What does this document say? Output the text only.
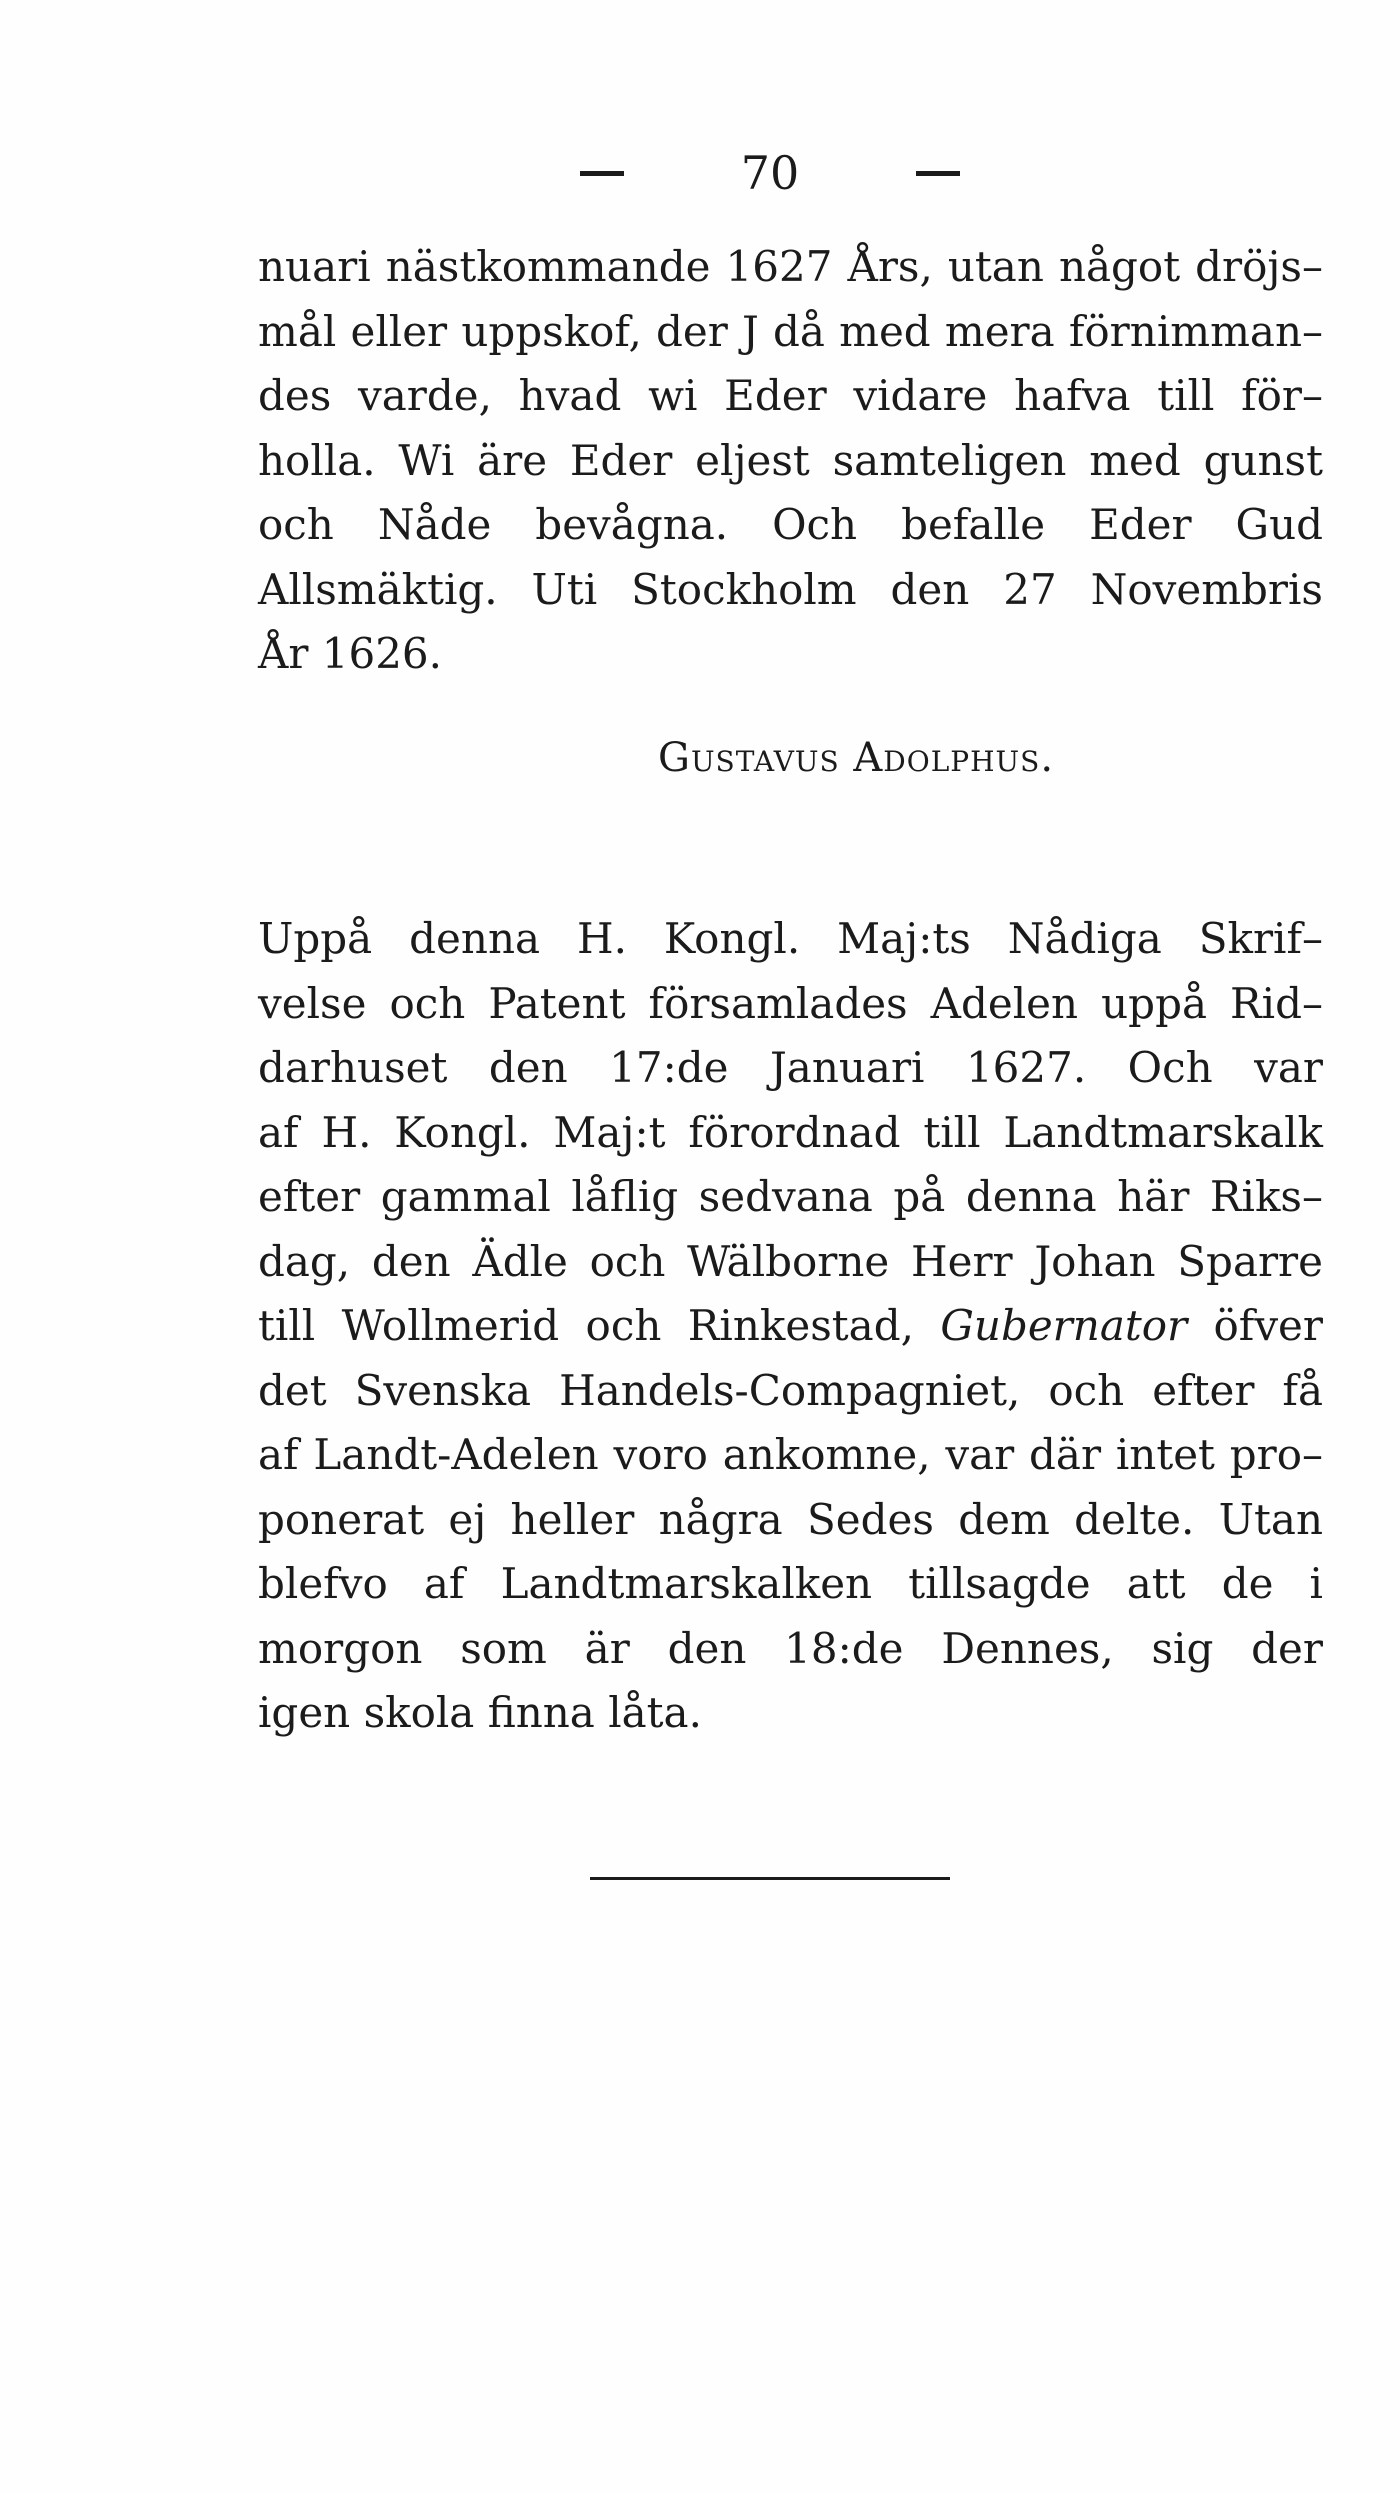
70
nuari nästkommande 1627 Års, utan något dröjs–
mål eller uppskof, der J då med mera förnimman–
des varde, hvad wi Eder vidare hafva till för–
holla. Wi äre Eder eljest samteligen med gunst
och Nåde bevågna. Och befalle Eder Gud
Allsmäktig. Uti Stockholm den 27 Novembris
År 1626.
Gustavus Adolphus.
Uppå denna H. Kongl. Maj:ts Nådiga Skrif–
velse och Patent församlades Adelen uppå Rid–
darhuset den 17:de Januari 1627. Och var
af H. Kongl. Maj:t förordnad till Landtmarskalk
efter gammal låflig sedvana på denna här Riks–
dag, den Ädle och Wälborne Herr Johan Sparre
till Wollmerid och Rinkestad, Gubernator öfver
det Svenska Handels-Compagniet, och efter få
af Landt-Adelen voro ankomne, var där intet pro–
ponerat ej heller några Sedes dem delte. Utan
blefvo af Landtmarskalken tillsagde att de i
morgon som är den 18:de Dennes, sig der
igen skola finna låta.
